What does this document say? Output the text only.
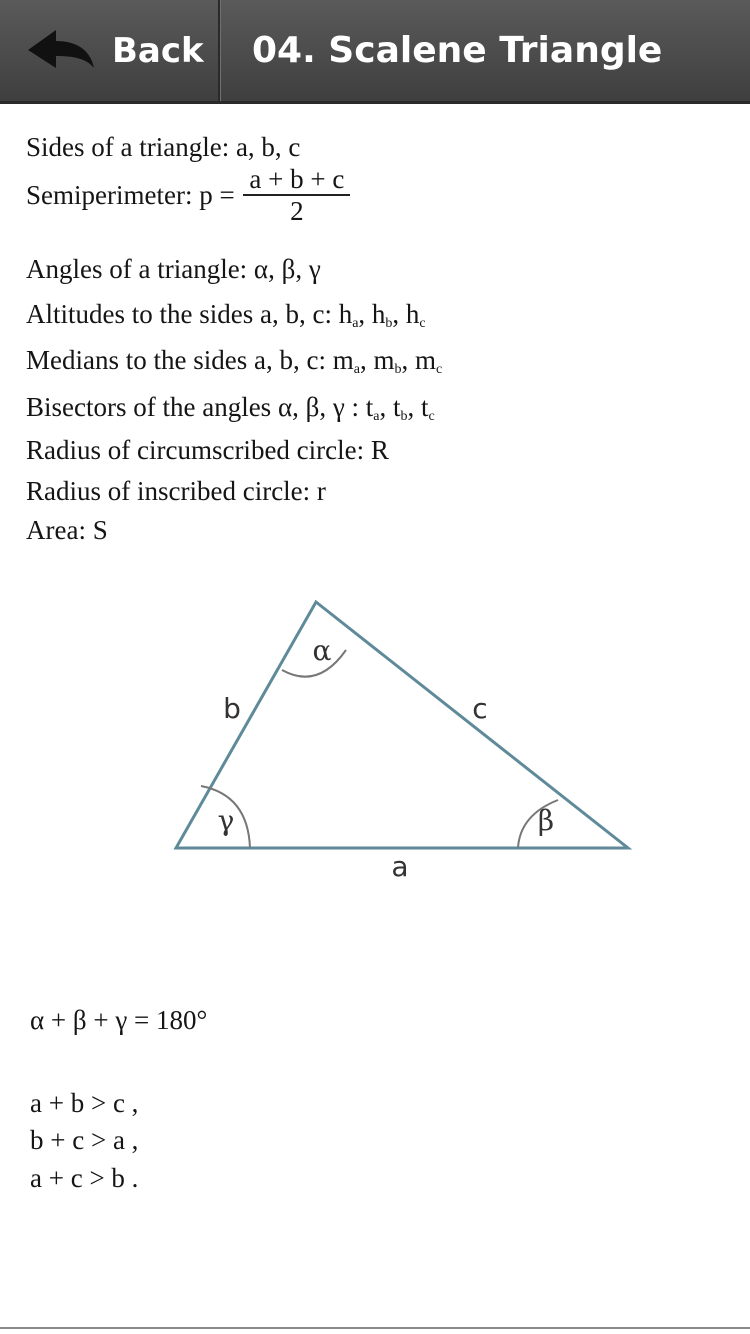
Back 04. Scalene Triangle
Sides of a triangle: a, b, c
Semiperimeter: $p = \frac{a + b + c}{2}$
Angles of a triangle: α, β, γ
Altitudes to the sides a, b, c: $h_a$, $h_b$, $h_c$
Medians to the sides a, b, c: $m_a$, $m_b$, $m_c$
Bisectors of the angles α, β, γ : $t_a$, $t_b$, $t_c$
Radius of circumscribed circle: R
Radius of inscribed circle: r
Area: S
b	c
a
α
β
γ
α + β + γ = 180°
a + b > c ,
b + c > a ,
a + c > b .
